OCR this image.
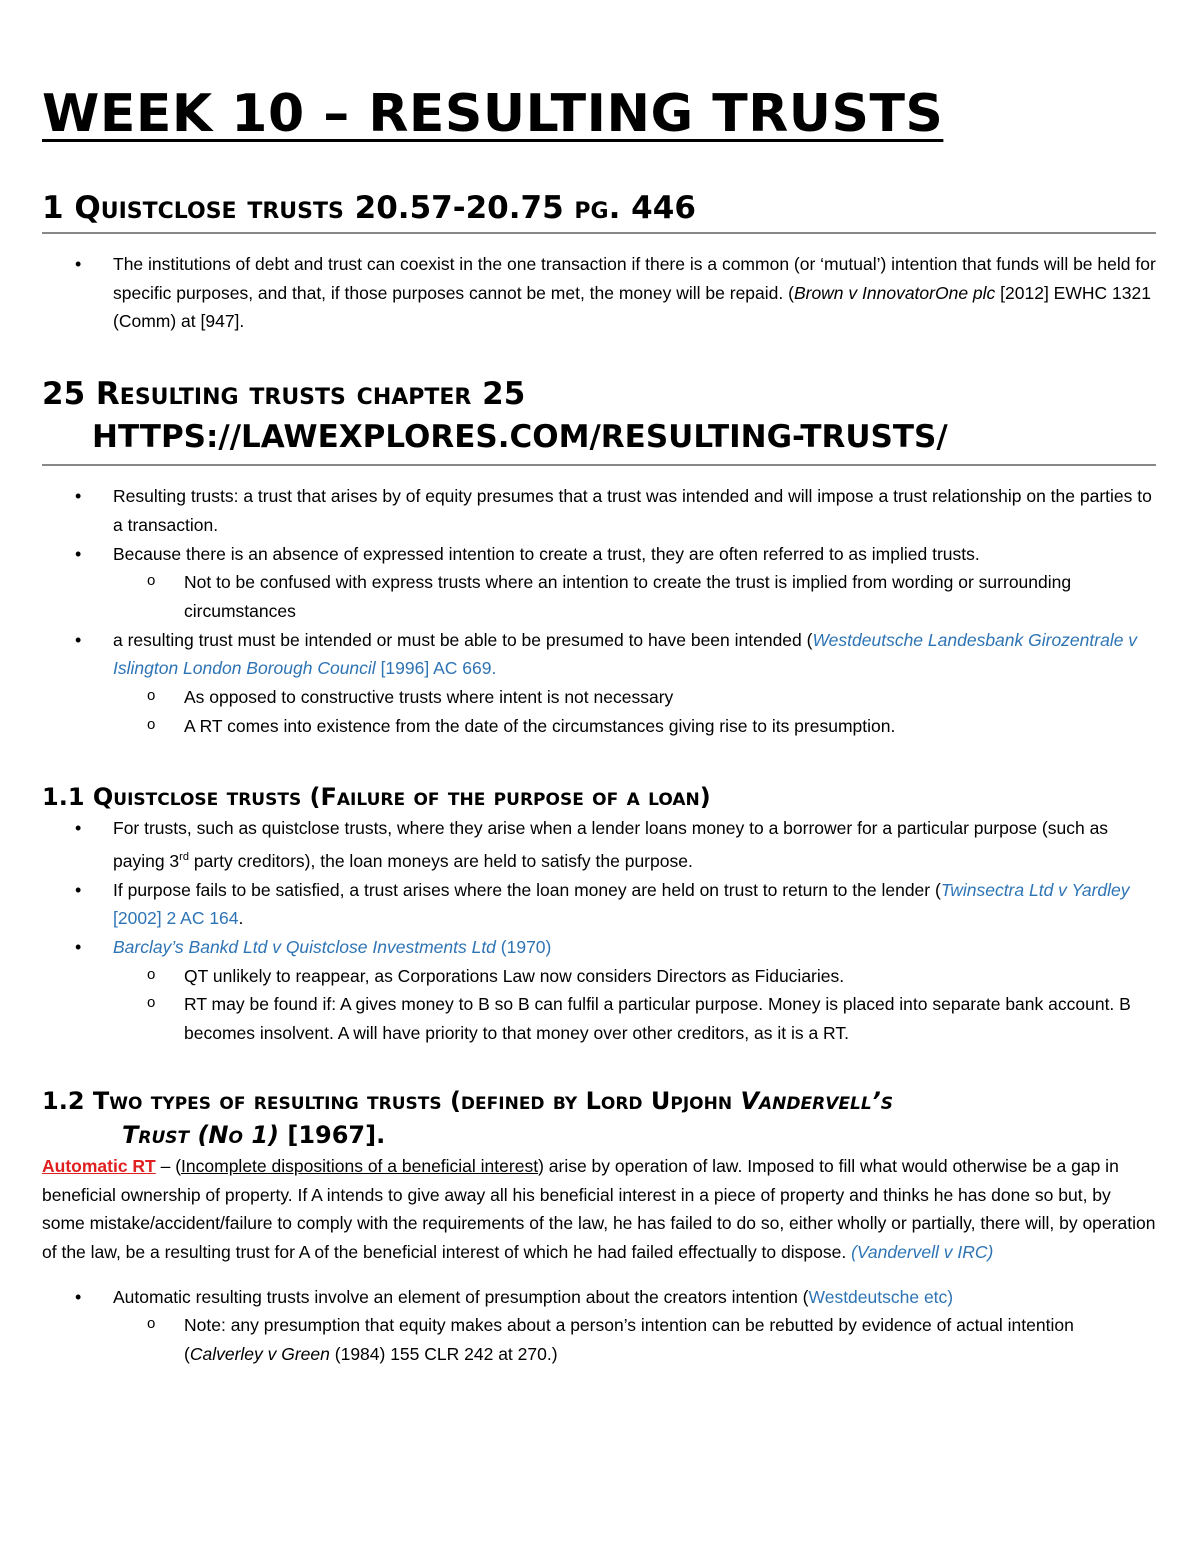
WEEK 10 – RESULTING TRUSTS
1 Quistclose trusts 20.57-20.75 pg. 446
• The institutions of debt and trust can coexist in the one transaction if there is a common (or ‘mutual’) intention that funds will be held for specific purposes, and that, if those purposes cannot be met, the money will be repaid. (Brown v InnovatorOne plc [2012] EWHC 1321 (Comm) at [947].
25 Resulting trusts chapter 25
HTTPS://LAWEXPLORES.COM/RESULTING-TRUSTS/
• Resulting trusts: a trust that arises by of equity presumes that a trust was intended and will impose a trust relationship on the parties to a transaction.
• Because there is an absence of expressed intention to create a trust, they are often referred to as implied trusts.
o Not to be confused with express trusts where an intention to create the trust is implied from wording or surrounding circumstances
• a resulting trust must be intended or must be able to be presumed to have been intended (Westdeutsche Landesbank Girozentrale v Islington London Borough Council [1996] AC 669.
o As opposed to constructive trusts where intent is not necessary
o A RT comes into existence from the date of the circumstances giving rise to its presumption.
1.1 Quistclose trusts (Failure of the purpose of a loan)
• For trusts, such as quistclose trusts, where they arise when a lender loans money to a borrower for a particular purpose (such as paying 3rd party creditors), the loan moneys are held to satisfy the purpose.
• If purpose fails to be satisfied, a trust arises where the loan money are held on trust to return to the lender (Twinsectra Ltd v Yardley [2002] 2 AC 164.
• Barclay’s Bankd Ltd v Quistclose Investments Ltd (1970)
o QT unlikely to reappear, as Corporations Law now considers Directors as Fiduciaries.
o RT may be found if: A gives money to B so B can fulfil a particular purpose. Money is placed into separate bank account. B becomes insolvent. A will have priority to that money over other creditors, as it is a RT.
1.2 Two types of resulting trusts (defined by Lord Upjohn Vandervell’s
Trust (No 1) [1967].

Automatic RT – (Incomplete dispositions of a beneficial interest) arise by operation of law. Imposed to fill what would otherwise be a gap in beneficial ownership of property. If A intends to give away all his beneficial interest in a piece of property and thinks he has done so but, by some mistake/accident/failure to comply with the requirements of the law, he has failed to do so, either wholly or partially, there will, by operation of the law, be a resulting trust for A of the beneficial interest of which he had failed effectually to dispose. (Vandervell v IRC)

• Automatic resulting trusts involve an element of presumption about the creators intention (Westdeutsche etc)
o Note: any presumption that equity makes about a person’s intention can be rebutted by evidence of actual intention (Calverley v Green (1984) 155 CLR 242 at 270.)
